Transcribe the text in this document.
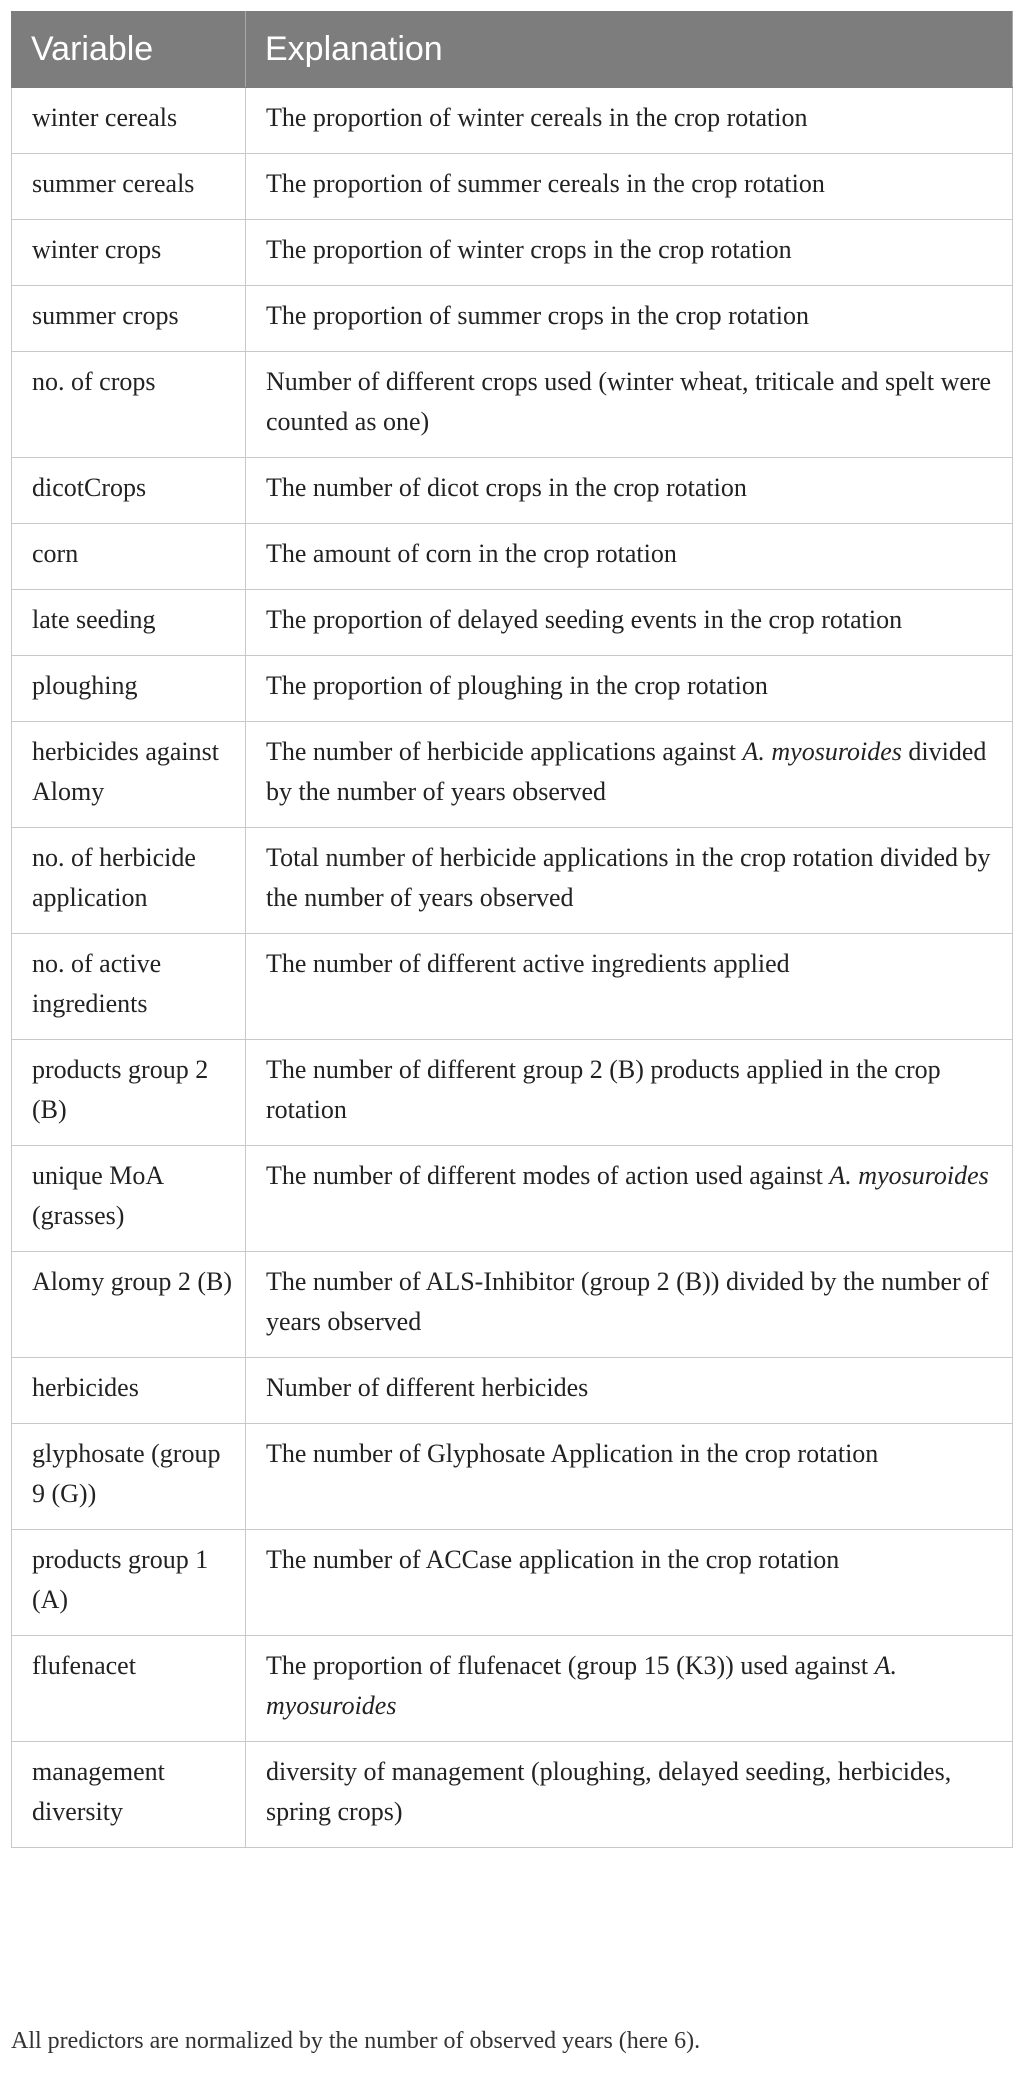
Variable	Explanation
winter cereals	The proportion of winter cereals in the crop rotation
summer cereals	The proportion of summer cereals in the crop rotation
winter crops	The proportion of winter crops in the crop rotation
summer crops	The proportion of summer crops in the crop rotation
no. of crops	Number of different crops used (winter wheat, triticale and spelt were counted as one)
dicotCrops	The number of dicot crops in the crop rotation
corn	The amount of corn in the crop rotation
late seeding	The proportion of delayed seeding events in the crop rotation
ploughing	The proportion of ploughing in the crop rotation
herbicides against Alomy	The number of herbicide applications against A. myosuroides divided by the number of years observed
no. of herbicide application	Total number of herbicide applications in the crop rotation divided by the number of years observed
no. of active ingredients	The number of different active ingredients applied
products group 2 (B)	The number of different group 2 (B) products applied in the crop rotation
unique MoA (grasses)	The number of different modes of action used against A. myosuroides
Alomy group 2 (B)	The number of ALS-Inhibitor (group 2 (B)) divided by the number of years observed
herbicides	Number of different herbicides
glyphosate (group 9 (G))	The number of Glyphosate Application in the crop rotation
products group 1 (A)	The number of ACCase application in the crop rotation
flufenacet	The proportion of flufenacet (group 15 (K3)) used against A. myosuroides
management diversity	diversity of management (ploughing, delayed seeding, herbicides, spring crops)

All predictors are normalized by the number of observed years (here 6).
